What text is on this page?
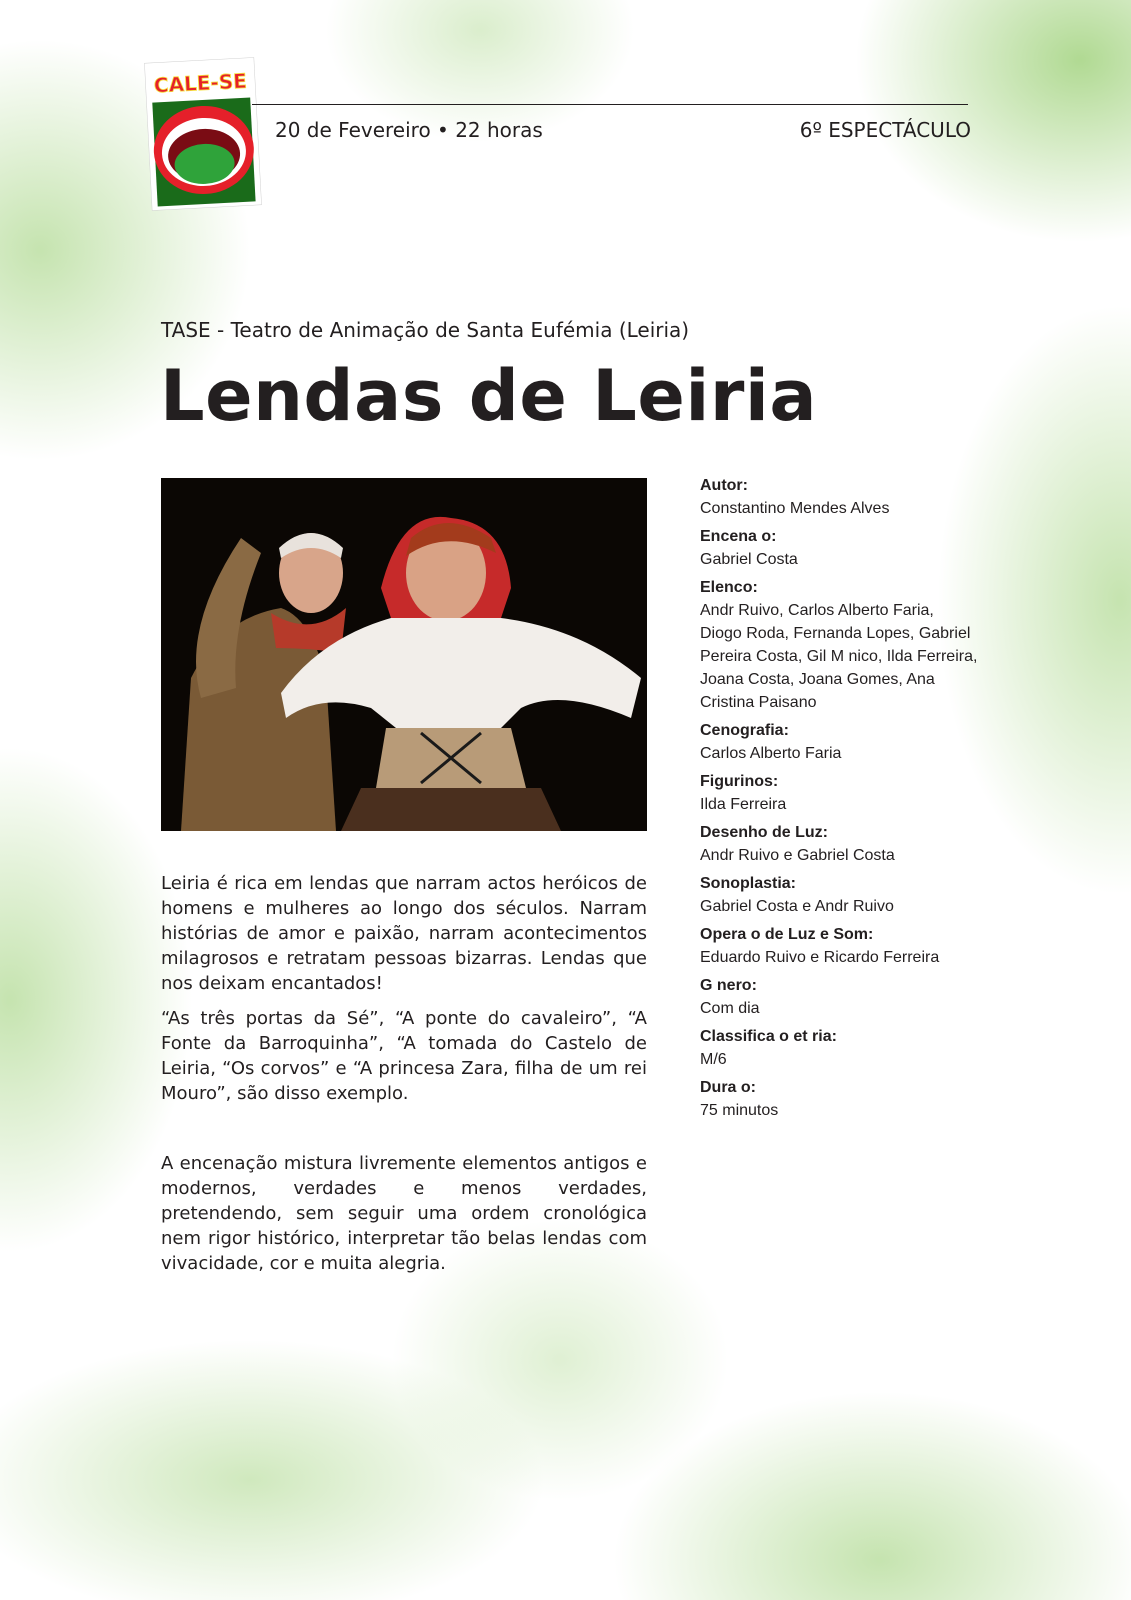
CALE-SE
20 de Fevereiro • 22 horas	6º ESPECTÁCULO
TASE - Teatro de Animação de Santa Eufémia (Leiria)
Lendas de Leiria

Leiria é rica em lendas que narram actos heróicos de homens e mulheres ao longo dos séculos. Narram histórias de amor e paixão, narram acontecimentos milagrosos e retratam pessoas bizarras. Lendas que nos deixam encantados!

“As três portas da Sé”, “A ponte do cavaleiro”, “A Fonte da Barroquinha”, “A tomada do Castelo de Leiria, “Os corvos” e “A princesa Zara, filha de um rei Mouro”, são disso exemplo.

A encenação mistura livremente elementos antigos e modernos, verdades e menos verdades, pretendendo, sem seguir uma ordem cronológica nem rigor histórico, interpretar tão belas lendas com vivacidade, cor e muita alegria.

Autor:
Constantino Mendes Alves
Encena o:
Gabriel Costa
Elenco:
Andr Ruivo, Carlos Alberto Faria, Diogo Roda, Fernanda Lopes, Gabriel Pereira Costa, Gil M nico, Ilda Ferreira, Joana Costa, Joana Gomes, Ana Cristina Paisano
Cenografia:
Carlos Alberto Faria
Figurinos:
Ilda Ferreira
Desenho de Luz:
Andr Ruivo e Gabriel Costa
Sonoplastia:
Gabriel Costa e Andr Ruivo
Opera o de Luz e Som:
Eduardo Ruivo e Ricardo Ferreira
G nero:
Com dia
Classifica o et ria:
M/6
Dura o:
75 minutos
